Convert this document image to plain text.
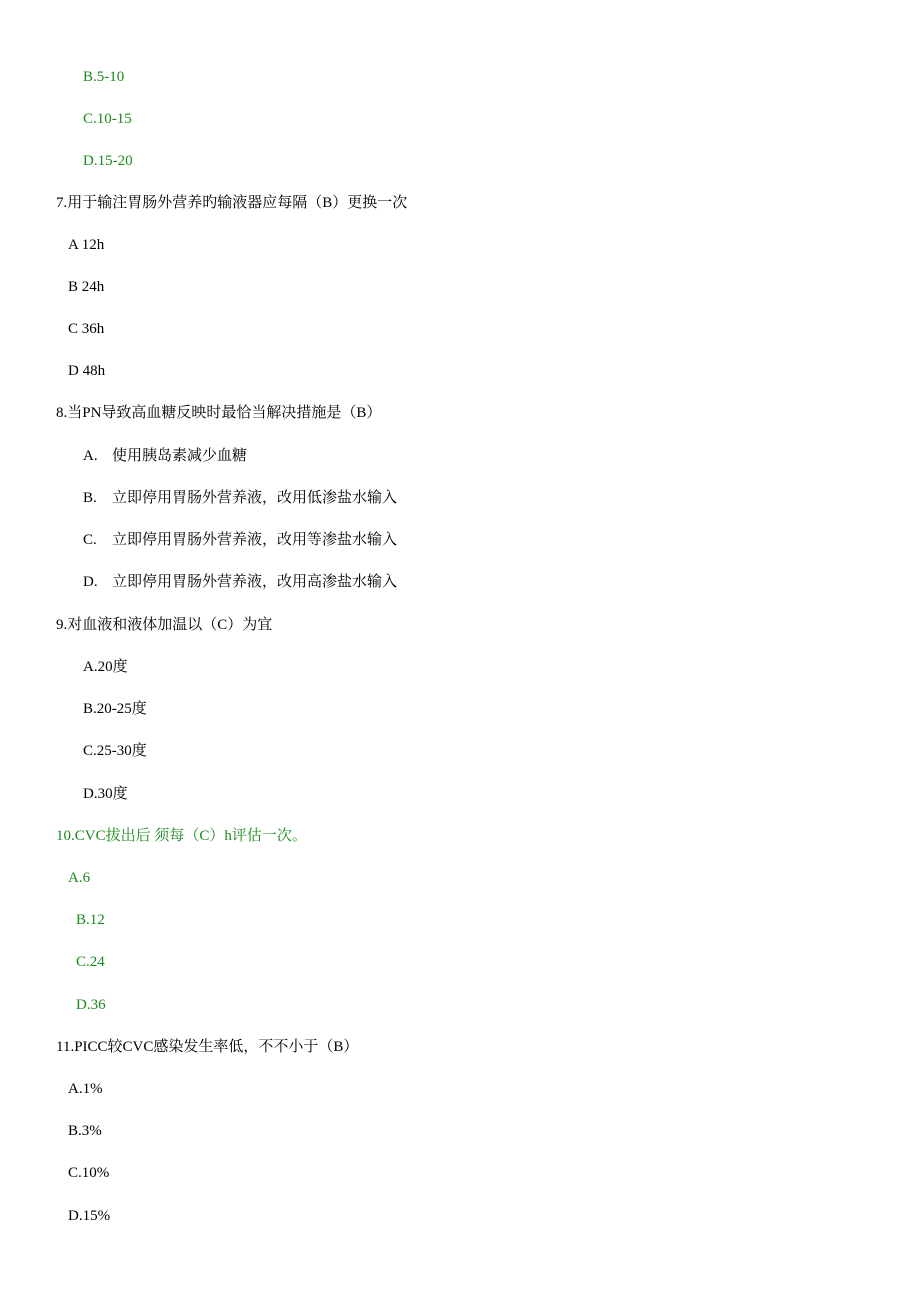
B.5-10
C.10-15
D.15-20
7.用于输注胃肠外营养旳输液器应每隔（B）更换一次
A 12h
B 24h
C 36h
D 48h
8.当PN导致高血糖反映时最恰当解决措施是（B）
A. 使用胰岛素减少血糖
B. 立即停用胃肠外营养液，改用低渗盐水输入
C. 立即停用胃肠外营养液，改用等渗盐水输入
D. 立即停用胃肠外营养液，改用高渗盐水输入
9.对血液和液体加温以（C）为宜
A.20度
B.20-25度
C.25-30度
D.30度
10.CVC拔出后 须每（C）h评估一次。
A.6
B.12
C.24
D.36
11.PICC较CVC感染发生率低，不不小于（B）
A.1%
B.3%
C.10%
D.15%
